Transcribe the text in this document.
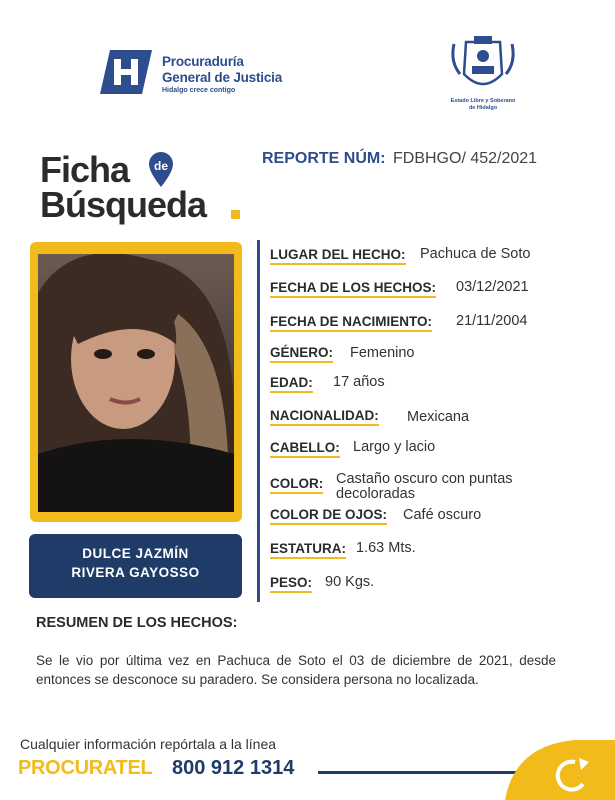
H
Procuraduría
General de Justicia
Hidalgo crece contigo
Estado Libre y Soberano
de Hidalgo
Ficha	de
Búsqueda
REPORTE NÚM: FDBHGO/ 452/2021
DULCE JAZMÍN
RIVERA GAYOSSO
LUGAR DEL HECHO: Pachuca de Soto
FECHA DE LOS HECHOS: 03/12/2021
FECHA DE NACIMIENTO: 21/11/2004
GÉNERO: Femenino
EDAD: 17 años
NACIONALIDAD: Mexicana
CABELLO: Largo y lacio
COLOR: Castaño oscuro con puntas
decoloradas
COLOR DE OJOS: Café oscuro
ESTATURA: 1.63 Mts.
PESO: 90 Kgs.
RESUMEN DE LOS HECHOS:
Se le vio por última vez en Pachuca de Soto el 03 de diciembre de 2021, desde entonces se desconoce su paradero. Se considera persona no localizada.
Cualquier información repórtala a la línea
PROCURATEL 800 912 1314
